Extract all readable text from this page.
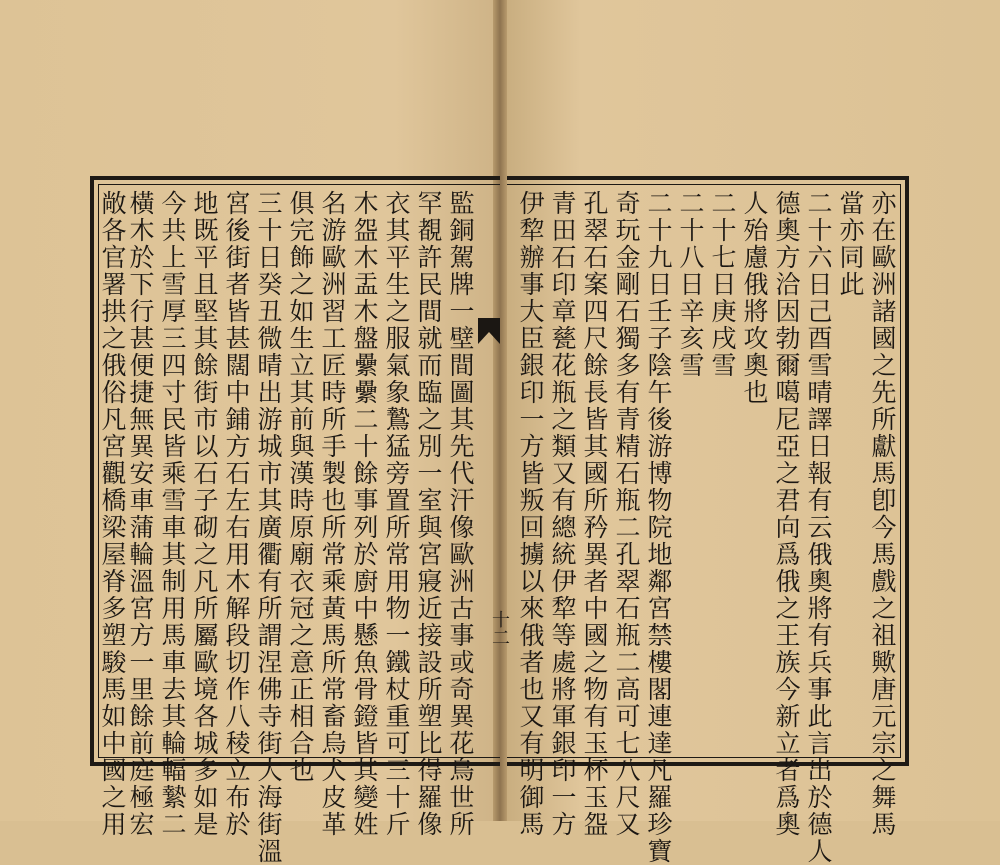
十二	亦在歐洲諸國之先所獻馬卽今馬戲之祖歟唐元宗之舞馬
當亦同此
二十六日己酉雪晴譯日報有云俄奧將有兵事此言出於德人
德奧方洽因勃爾噶尼亞之君向爲俄之王族今新立者爲奧
人殆慮俄將攻奧也
二十七日庚戌雪
二十八日辛亥雪
二十九日壬子陰午後游博物院地鄰宮禁樓閣連達凡羅珍寶
奇玩金剛石獨多有青精石瓶二孔翠石瓶二高可七八尺又
孔翠石案四尺餘長皆其國所矜異者中國之物有玉杯玉盌
青田石印章甆花瓶之類又有總統伊犂等處將軍銀印一方
伊犂辦事大臣銀印一方皆叛回擄以來俄者也又有明御馬
監銅駕牌一壁間圖其先代汗像歐洲古事或奇異花鳥世所
罕覩許民間就而臨之別一室與宮寢近接設所塑比得羅像
衣其平生之服氣象鷙猛旁置所常用物一鐵杖重可三十斤
木盌木盂木盤纍纍二十餘事列於廚中懸魚骨鐙皆其變姓
名游歐洲習工匠時所手製也所常乘黃馬所常畜烏犬皮革
俱完飾之如生立其前與漢時原廟衣冠之意正相合也
三十日癸丑微晴出游城市其廣衢有所謂涅佛寺街大海街溫
宮後街者皆甚闊中鋪方石左右用木解段切作八稜立布於
地既平且堅其餘街市以石子砌之凡所屬歐境各城多如是
今共上雪厚三四寸民皆乘雪車其制用馬車去其輪輻縶二
橫木於下行甚便捷無異安車蒲輪溫宮方一里餘前庭極宏
敞各官署拱之俄俗凡宮觀橋梁屋脊多塑駿馬如中國之用
